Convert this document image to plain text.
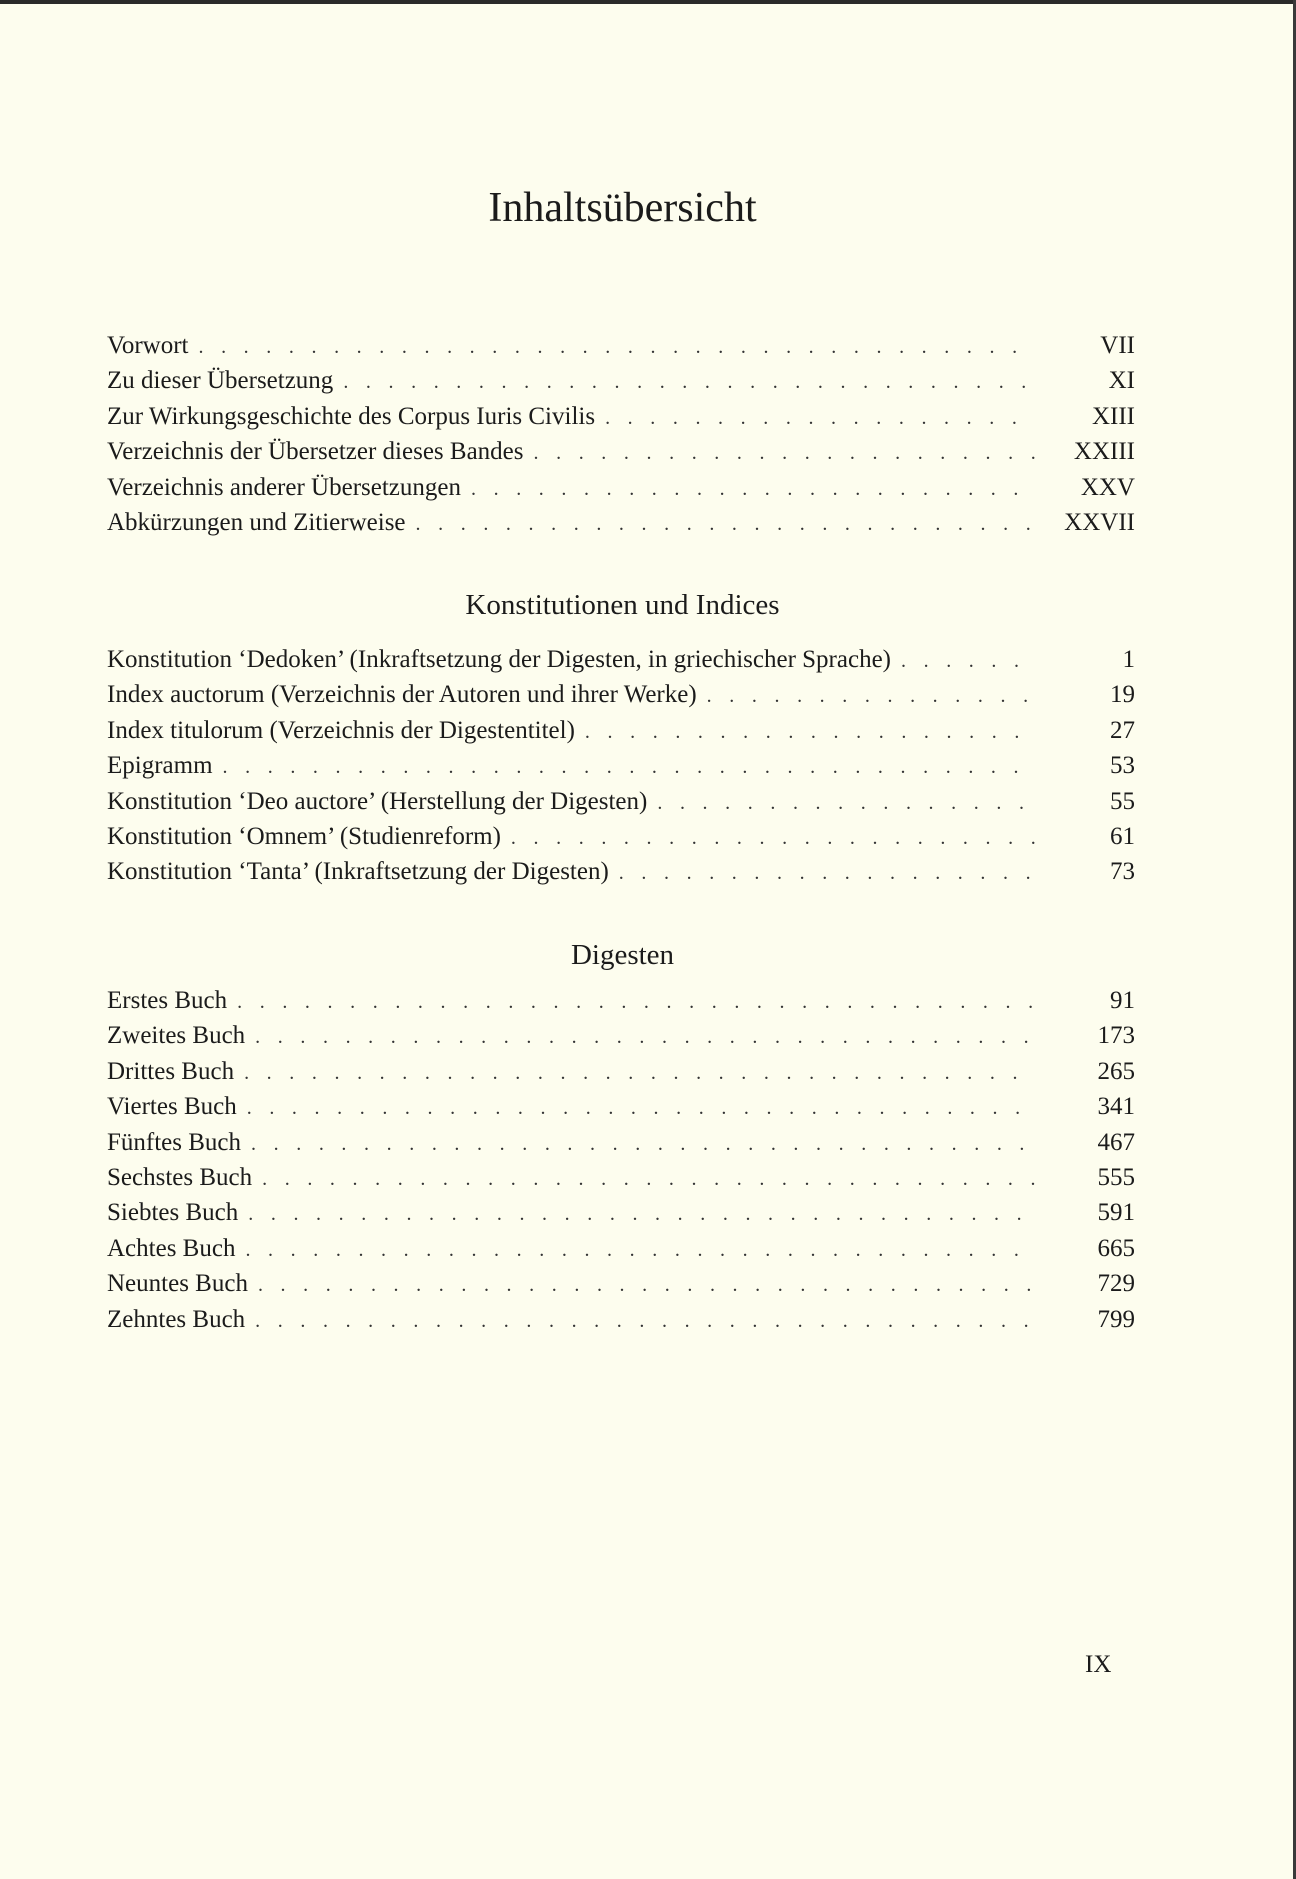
Inhaltsübersicht
Vorwort . . .	VII
Zu dieser Übersetzung . . .	XI
Zur Wirkungsgeschichte des Corpus Iuris Civilis . . .	XIII
Verzeichnis der Übersetzer dieses Bandes . . .	XXIII
Verzeichnis anderer Übersetzungen . . .	XXV
Abkürzungen und Zitierweise . . .	XXVII
Konstitutionen und Indices
Konstitution ‘Dedoken’ (Inkraftsetzung der Digesten, in griechischer Sprache) . . .	1
Index auctorum (Verzeichnis der Autoren und ihrer Werke) . . .	19
Index titulorum (Verzeichnis der Digestentitel) . . .	27
Epigramm . . .	53
Konstitution ‘Deo auctore’ (Herstellung der Digesten) . . .	55
Konstitution ‘Omnem’ (Studienreform) . . .	61
Konstitution ‘Tanta’ (Inkraftsetzung der Digesten) . . .	73
Digesten
Erstes Buch . . .	91
Zweites Buch . . .	173
Drittes Buch . . .	265
Viertes Buch . . .	341
Fünftes Buch . . .	467
Sechstes Buch . . .	555
Siebtes Buch . . .	591
Achtes Buch . . .	665
Neuntes Buch . . .	729
Zehntes Buch . . .	799
IX
